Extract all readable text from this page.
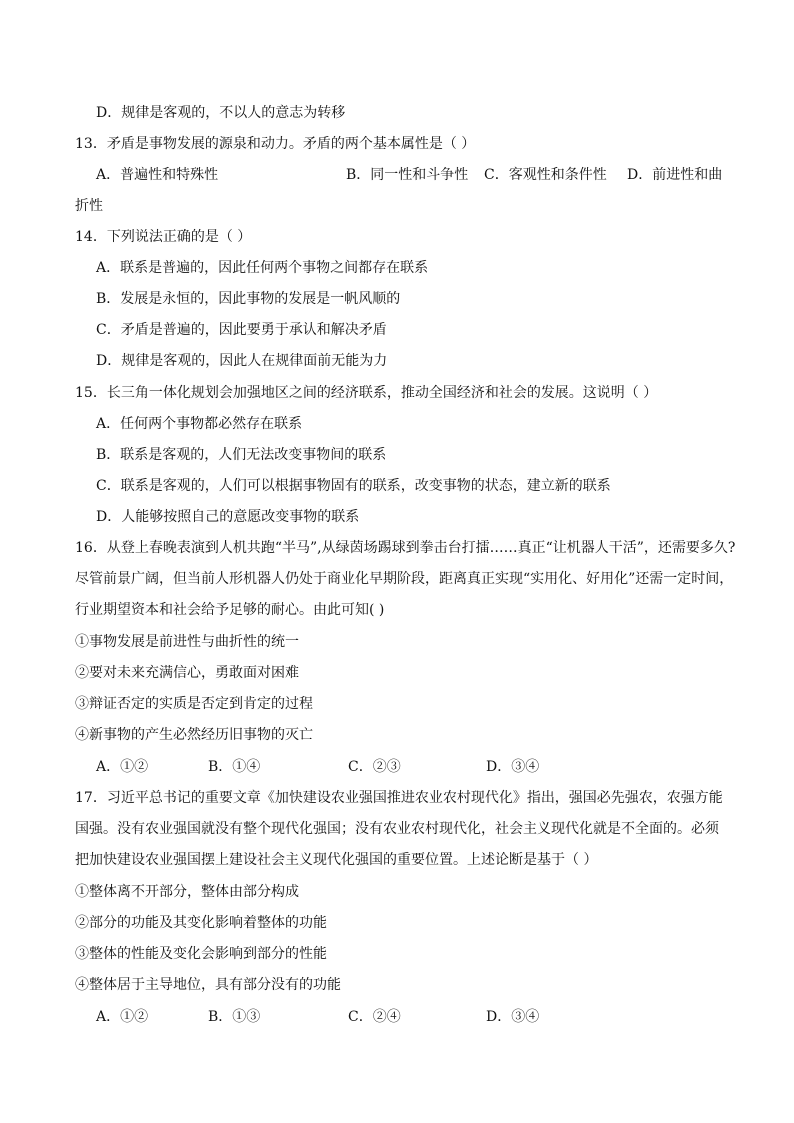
D．规律是客观的，不以人的意志为转移
13．矛盾是事物发展的源泉和动力。矛盾的两个基本属性是（ ）
A．普遍性和特殊性	B．同一性和斗争性 C．客观性和条件性 D．前进性和曲
折性
14．下列说法正确的是（ ）
A．联系是普遍的，因此任何两个事物之间都存在联系
B．发展是永恒的，因此事物的发展是一帆风顺的
C．矛盾是普遍的，因此要勇于承认和解决矛盾
D．规律是客观的，因此人在规律面前无能为力
15．长三角一体化规划会加强地区之间的经济联系，推动全国经济和社会的发展。这说明（ ）
A．任何两个事物都必然存在联系
B．联系是客观的，人们无法改变事物间的联系
C．联系是客观的，人们可以根据事物固有的联系，改变事物的状态，建立新的联系
D．人能够按照自己的意愿改变事物的联系
16．从登上春晚表演到人机共跑“半马”,从绿茵场踢球到拳击台打擂……真正“让机器人干活”，还需要多久?
尽管前景广阔，但当前人形机器人仍处于商业化早期阶段，距离真正实现“实用化、好用化”还需一定时间，
行业期望资本和社会给予足够的耐心。由此可知( )
①事物发展是前进性与曲折性的统一
②要对未来充满信心，勇敢面对困难
③辩证否定的实质是否定到肯定的过程
④新事物的产生必然经历旧事物的灭亡
A．①②	B．①④	C．②③	D．③④
17．习近平总书记的重要文章《加快建设农业强国推进农业农村现代化》指出，强国必先强农，农强方能
国强。没有农业强国就没有整个现代化强国；没有农业农村现代化，社会主义现代化就是不全面的。必须
把加快建设农业强国摆上建设社会主义现代化强国的重要位置。上述论断是基于（ ）
①整体离不开部分，整体由部分构成
②部分的功能及其变化影响着整体的功能
③整体的性能及变化会影响到部分的性能
④整体居于主导地位，具有部分没有的功能
A．①②	B．①③	C．②④	D．③④
